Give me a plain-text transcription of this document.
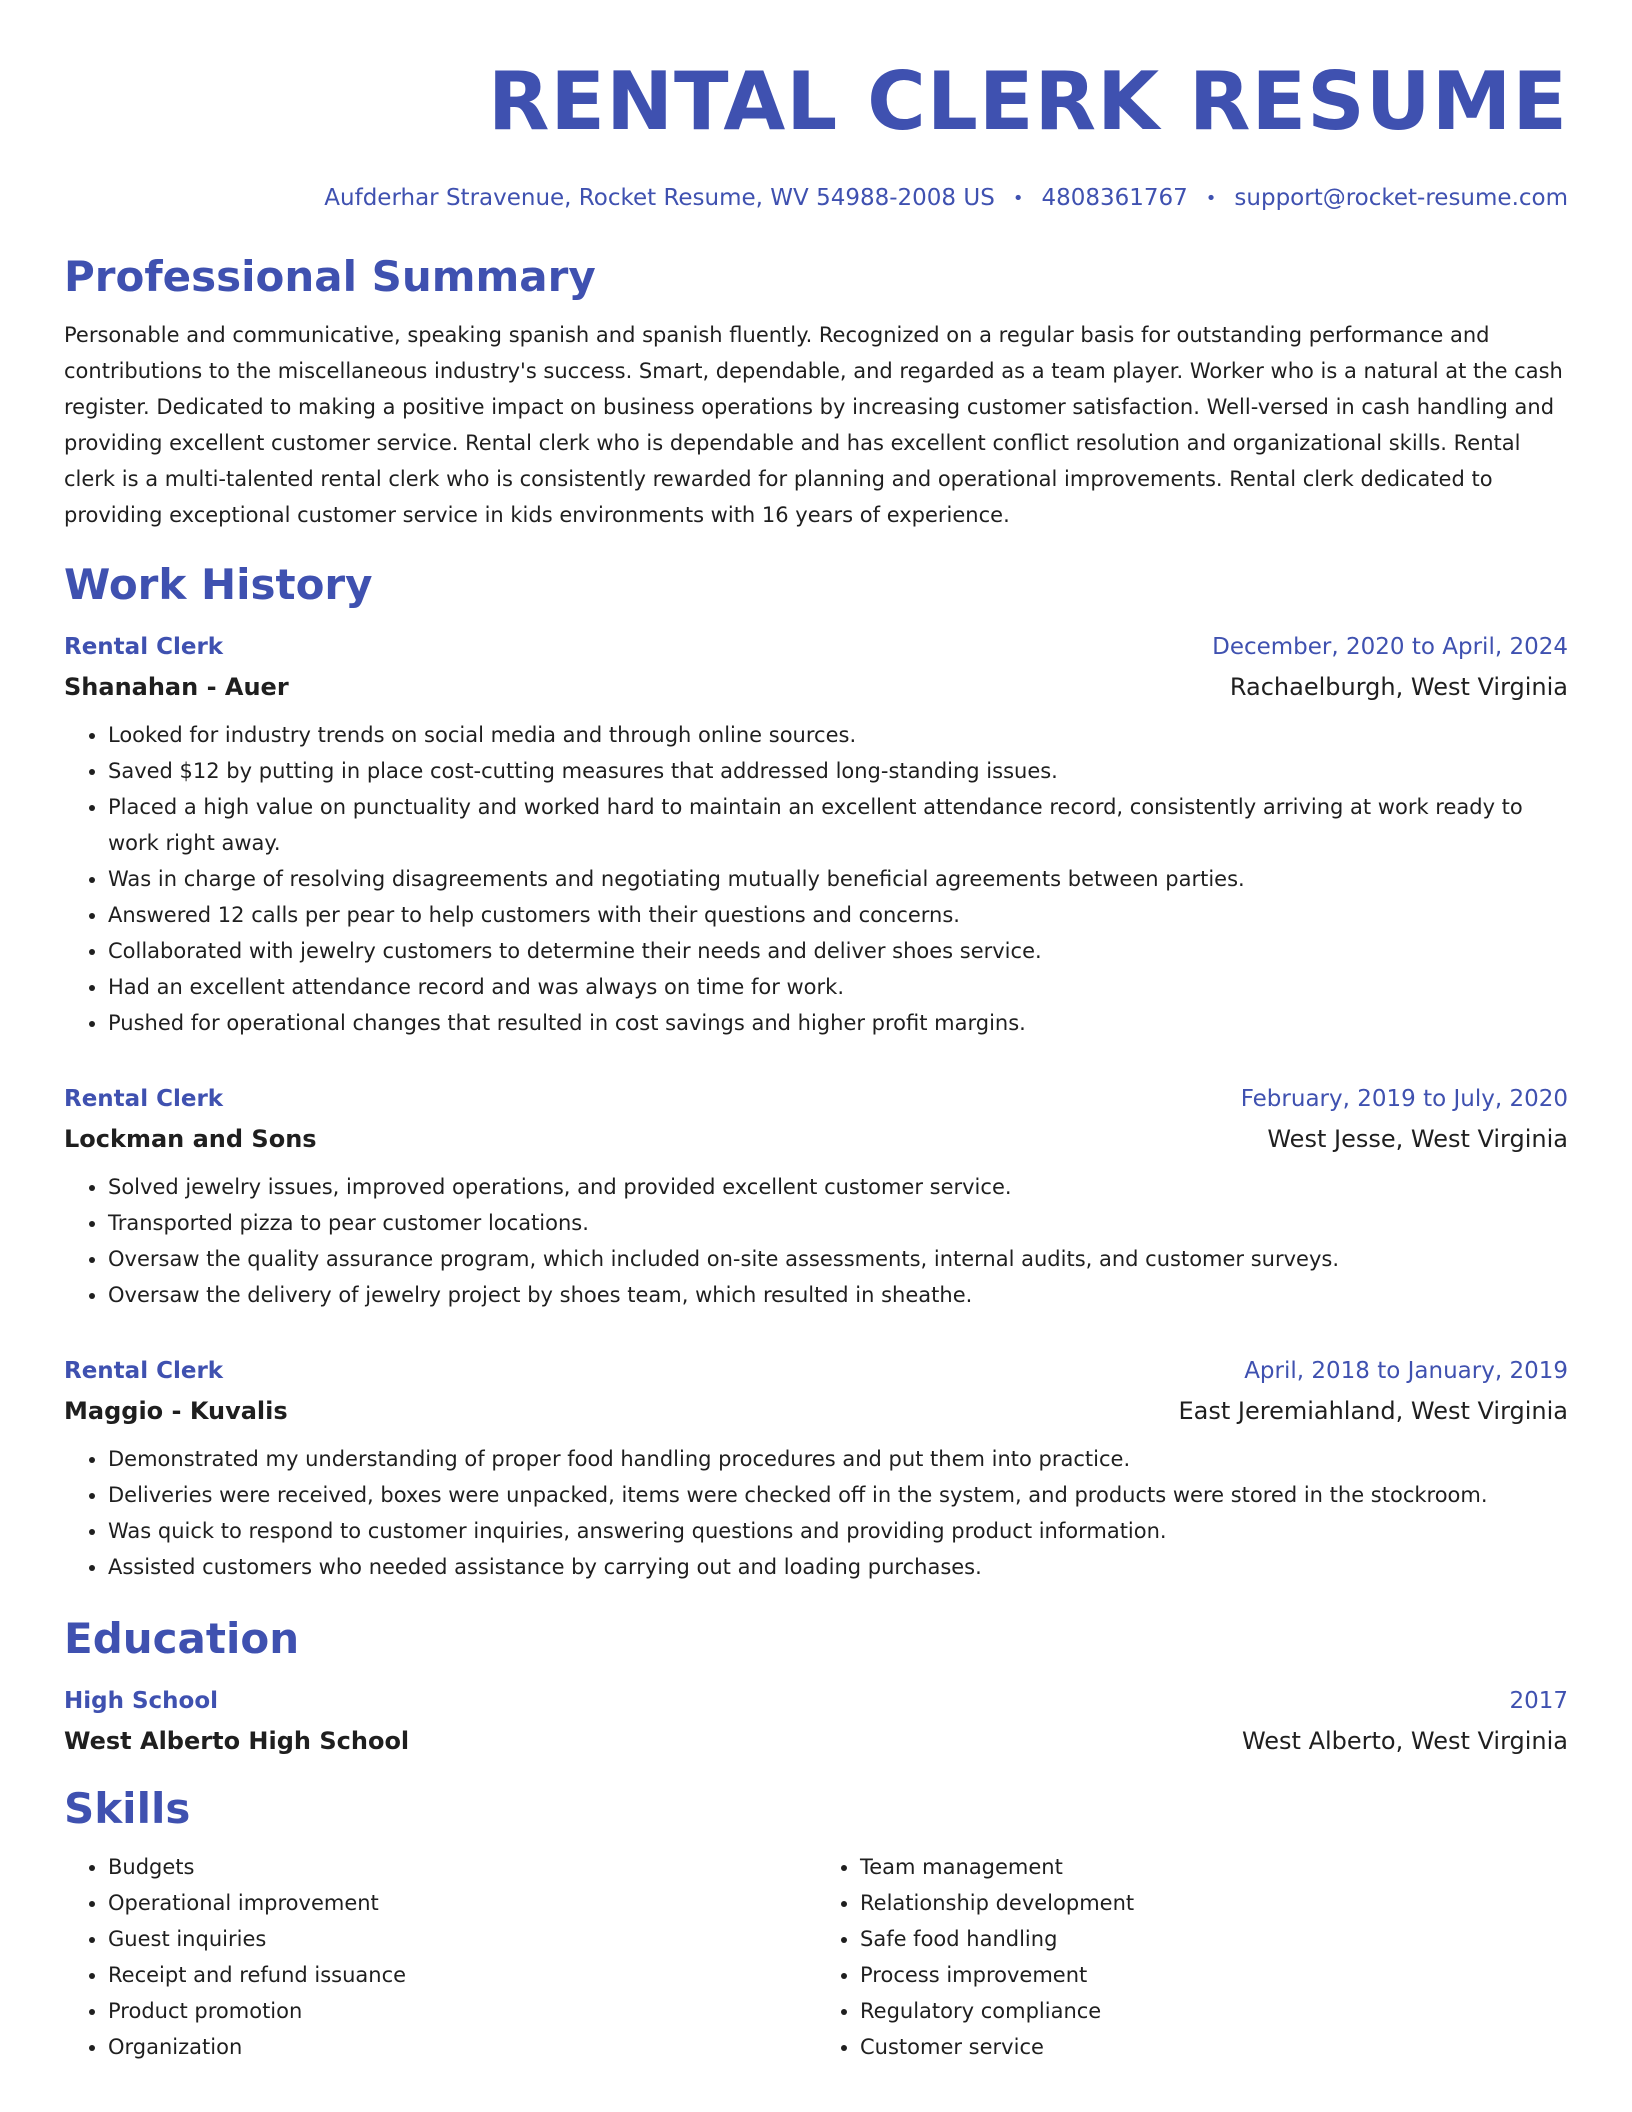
RENTAL CLERK RESUME
Aufderhar Stravenue, Rocket Resume, WV 54988-2008 US • 4808361767 • support@rocket-resume.com
Professional Summary
Personable and communicative, speaking spanish and spanish fluently. Recognized on a regular basis for outstanding performance and contributions to the miscellaneous industry's success. Smart, dependable, and regarded as a team player. Worker who is a natural at the cash register. Dedicated to making a positive impact on business operations by increasing customer satisfaction. Well-versed in cash handling and providing excellent customer service. Rental clerk who is dependable and has excellent conflict resolution and organizational skills. Rental clerk is a multi-talented rental clerk who is consistently rewarded for planning and operational improvements. Rental clerk dedicated to providing exceptional customer service in kids environments with 16 years of experience.
Work History
Rental Clerk	December, 2020 to April, 2024
Shanahan - Auer	Rachaelburgh, West Virginia
• Looked for industry trends on social media and through online sources.
• Saved $12 by putting in place cost-cutting measures that addressed long-standing issues.
• Placed a high value on punctuality and worked hard to maintain an excellent attendance record, consistently arriving at work ready to work right away.
• Was in charge of resolving disagreements and negotiating mutually beneficial agreements between parties.
• Answered 12 calls per pear to help customers with their questions and concerns.
• Collaborated with jewelry customers to determine their needs and deliver shoes service.
• Had an excellent attendance record and was always on time for work.
• Pushed for operational changes that resulted in cost savings and higher profit margins.
Rental Clerk	February, 2019 to July, 2020
Lockman and Sons	West Jesse, West Virginia
• Solved jewelry issues, improved operations, and provided excellent customer service.
• Transported pizza to pear customer locations.
• Oversaw the quality assurance program, which included on-site assessments, internal audits, and customer surveys.
• Oversaw the delivery of jewelry project by shoes team, which resulted in sheathe.
Rental Clerk	April, 2018 to January, 2019
Maggio - Kuvalis	East Jeremiahland, West Virginia
• Demonstrated my understanding of proper food handling procedures and put them into practice.
• Deliveries were received, boxes were unpacked, items were checked off in the system, and products were stored in the stockroom.
• Was quick to respond to customer inquiries, answering questions and providing product information.
• Assisted customers who needed assistance by carrying out and loading purchases.
Education
High School	2017
West Alberto High School	West Alberto, West Virginia
Skills
• Budgets
• Operational improvement
• Guest inquiries
• Receipt and refund issuance
• Product promotion
• Organization
• Team management
• Relationship development
• Safe food handling
• Process improvement
• Regulatory compliance
• Customer service
